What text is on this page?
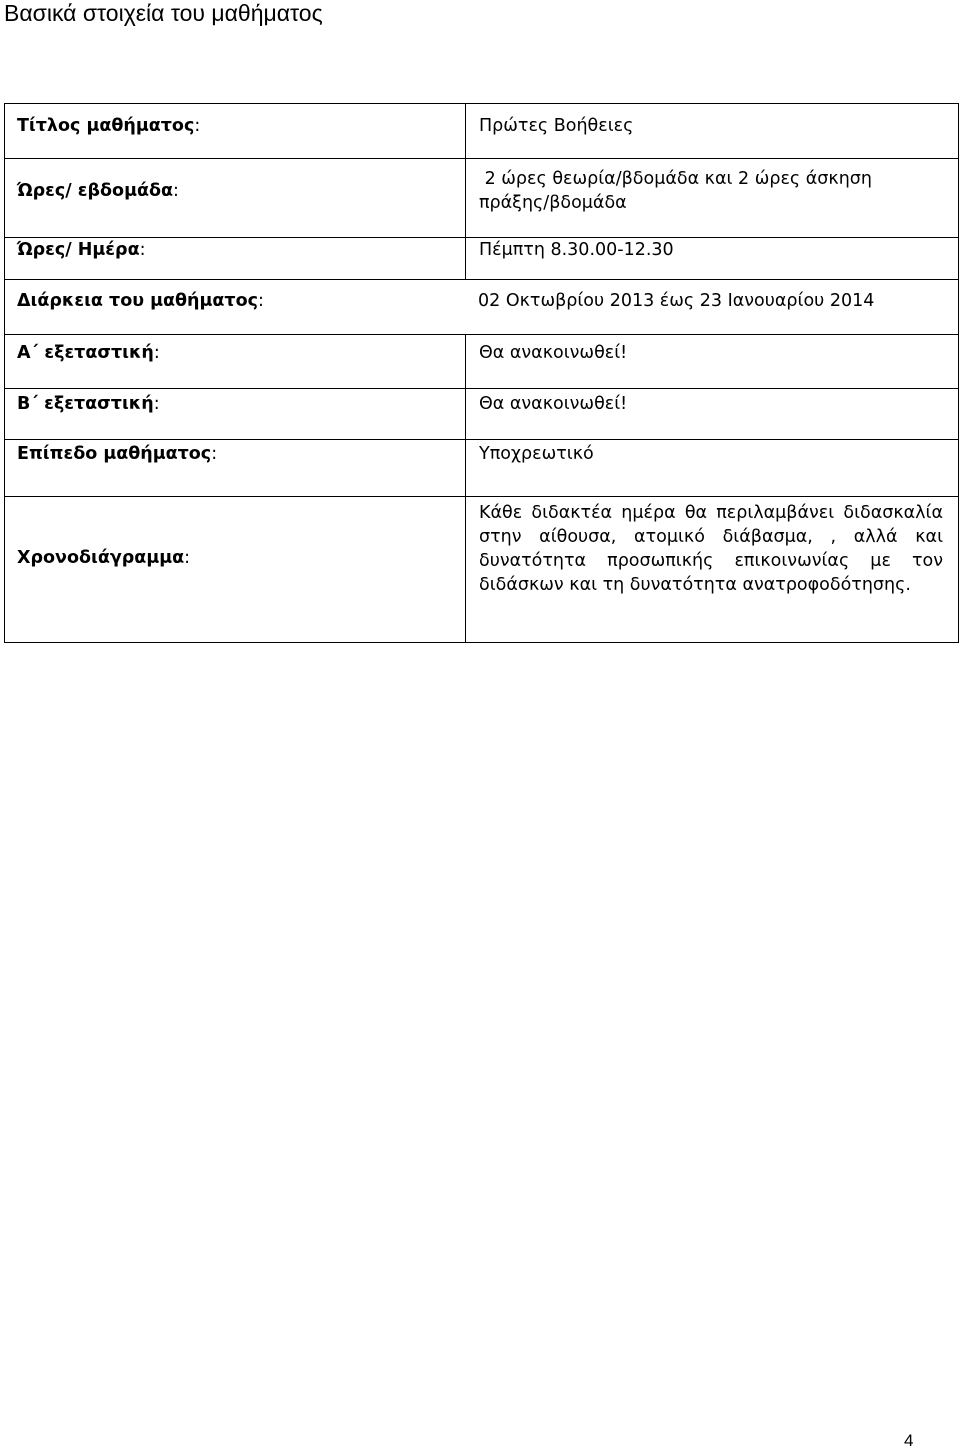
Βασικά στοιχεία του μαθήματος
Τίτλος μαθήματος:	Πρώτες Βοήθειες
Ώρες/ εβδομάδα:
2 ώρες θεωρία/βδομάδα και 2 ώρες άσκηση πράξης/βδομάδα
Ώρες/ Ημέρα:	Πέμπτη 8.30.00-12.30
Διάρκεια του μαθήματος:	02 Οκτωβρίου 2013 έως 23 Ιανουαρίου 2014
Α΄ εξεταστική:	Θα ανακοινωθεί!
Β΄ εξεταστική:	Θα ανακοινωθεί!
Επίπεδο μαθήματος:	Υποχρεωτικό
Χρονοδιάγραμμα:
Κάθε διδακτέα ημέρα θα περιλαμβάνει διδασκαλία στην αίθουσα, ατομικό διάβασμα, , αλλά και δυνατότητα προσωπικής επικοινωνίας με τον διδάσκων και τη δυνατότητα ανατροφοδότησης.
4
